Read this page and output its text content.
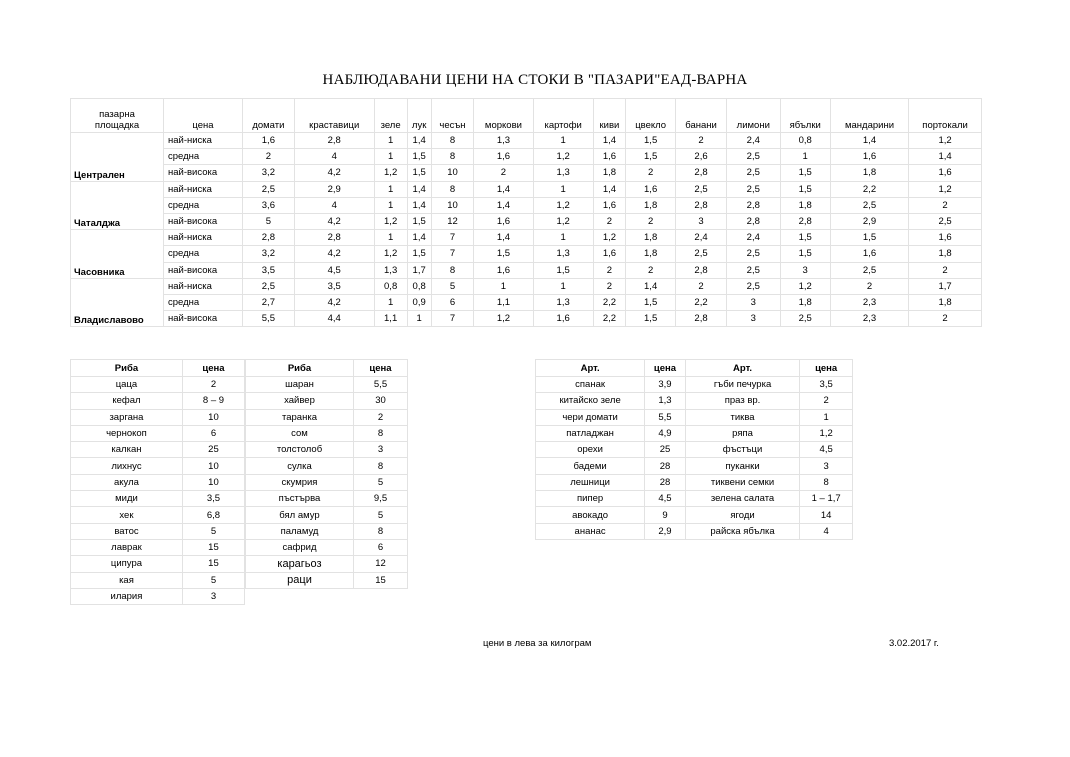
НАБЛЮДАВАНИ ЦЕНИ НА СТОКИ В "ПАЗАРИ"ЕАД-ВАРНА
пазарна
площадка	цена	домати	краставици	зеле	лук	чесън	моркови	картофи	киви	цвекло	банани	лимони	ябълки	мандарини	портокали
Централен	най-ниска	1,6	2,8	1	1,4	8	1,3	1	1,4	1,5	2	2,4	0,8	1,4	1,2
	средна	2	4	1	1,5	8	1,6	1,2	1,6	1,5	2,6	2,5	1	1,6	1,4
	най-висока	3,2	4,2	1,2	1,5	10	2	1,3	1,8	2	2,8	2,5	1,5	1,8	1,6
Чаталджа	най-ниска	2,5	2,9	1	1,4	8	1,4	1	1,4	1,6	2,5	2,5	1,5	2,2	1,2
	средна	3,6	4	1	1,4	10	1,4	1,2	1,6	1,8	2,8	2,8	1,8	2,5	2
	най-висока	5	4,2	1,2	1,5	12	1,6	1,2	2	2	3	2,8	2,8	2,9	2,5
Часовника	най-ниска	2,8	2,8	1	1,4	7	1,4	1	1,2	1,8	2,4	2,4	1,5	1,5	1,6
	средна	3,2	4,2	1,2	1,5	7	1,5	1,3	1,6	1,8	2,5	2,5	1,5	1,6	1,8
	най-висока	3,5	4,5	1,3	1,7	8	1,6	1,5	2	2	2,8	2,5	3	2,5	2
Владиславово	най-ниска	2,5	3,5	0,8	0,8	5	1	1	2	1,4	2	2,5	1,2	2	1,7
	средна	2,7	4,2	1	0,9	6	1,1	1,3	2,2	1,5	2,2	3	1,8	2,3	1,8
	най-висока	5,5	4,4	1,1	1	7	1,2	1,6	2,2	1,5	2,8	3	2,5	2,3	2
Риба	цена
цаца	2
кефал	8 – 9
заргана	10
чернокоп	6
калкан	25
лихнус	10
акула	10
миди	3,5
хек	6,8
ватос	5
лаврак	15
ципура	15
кая	5
илария	3
Риба	цена
шаран	5,5
хайвер	30
таранка	2
сом	8
толстолоб	3
сулка	8
скумрия	5
пъстърва	9,5
бял амур	5
паламуд	8
сафрид	6
карагьоз	12
раци	15
Арт.	цена	Арт.	цена
спанак	3,9	гъби печурка	3,5
китайско зеле	1,3	праз вр.	2
чери домати	5,5	тиква	1
патладжан	4,9	ряпа	1,2
орехи	25	фъстъци	4,5
бадеми	28	пуканки	3
лешници	28	тиквени семки	8
пипер	4,5	зелена салата	1 – 1,7
авокадо	9	ягоди	14
ананас	2,9	райска ябълка	4
цени в лева за килограм	3.02.2017 г.
